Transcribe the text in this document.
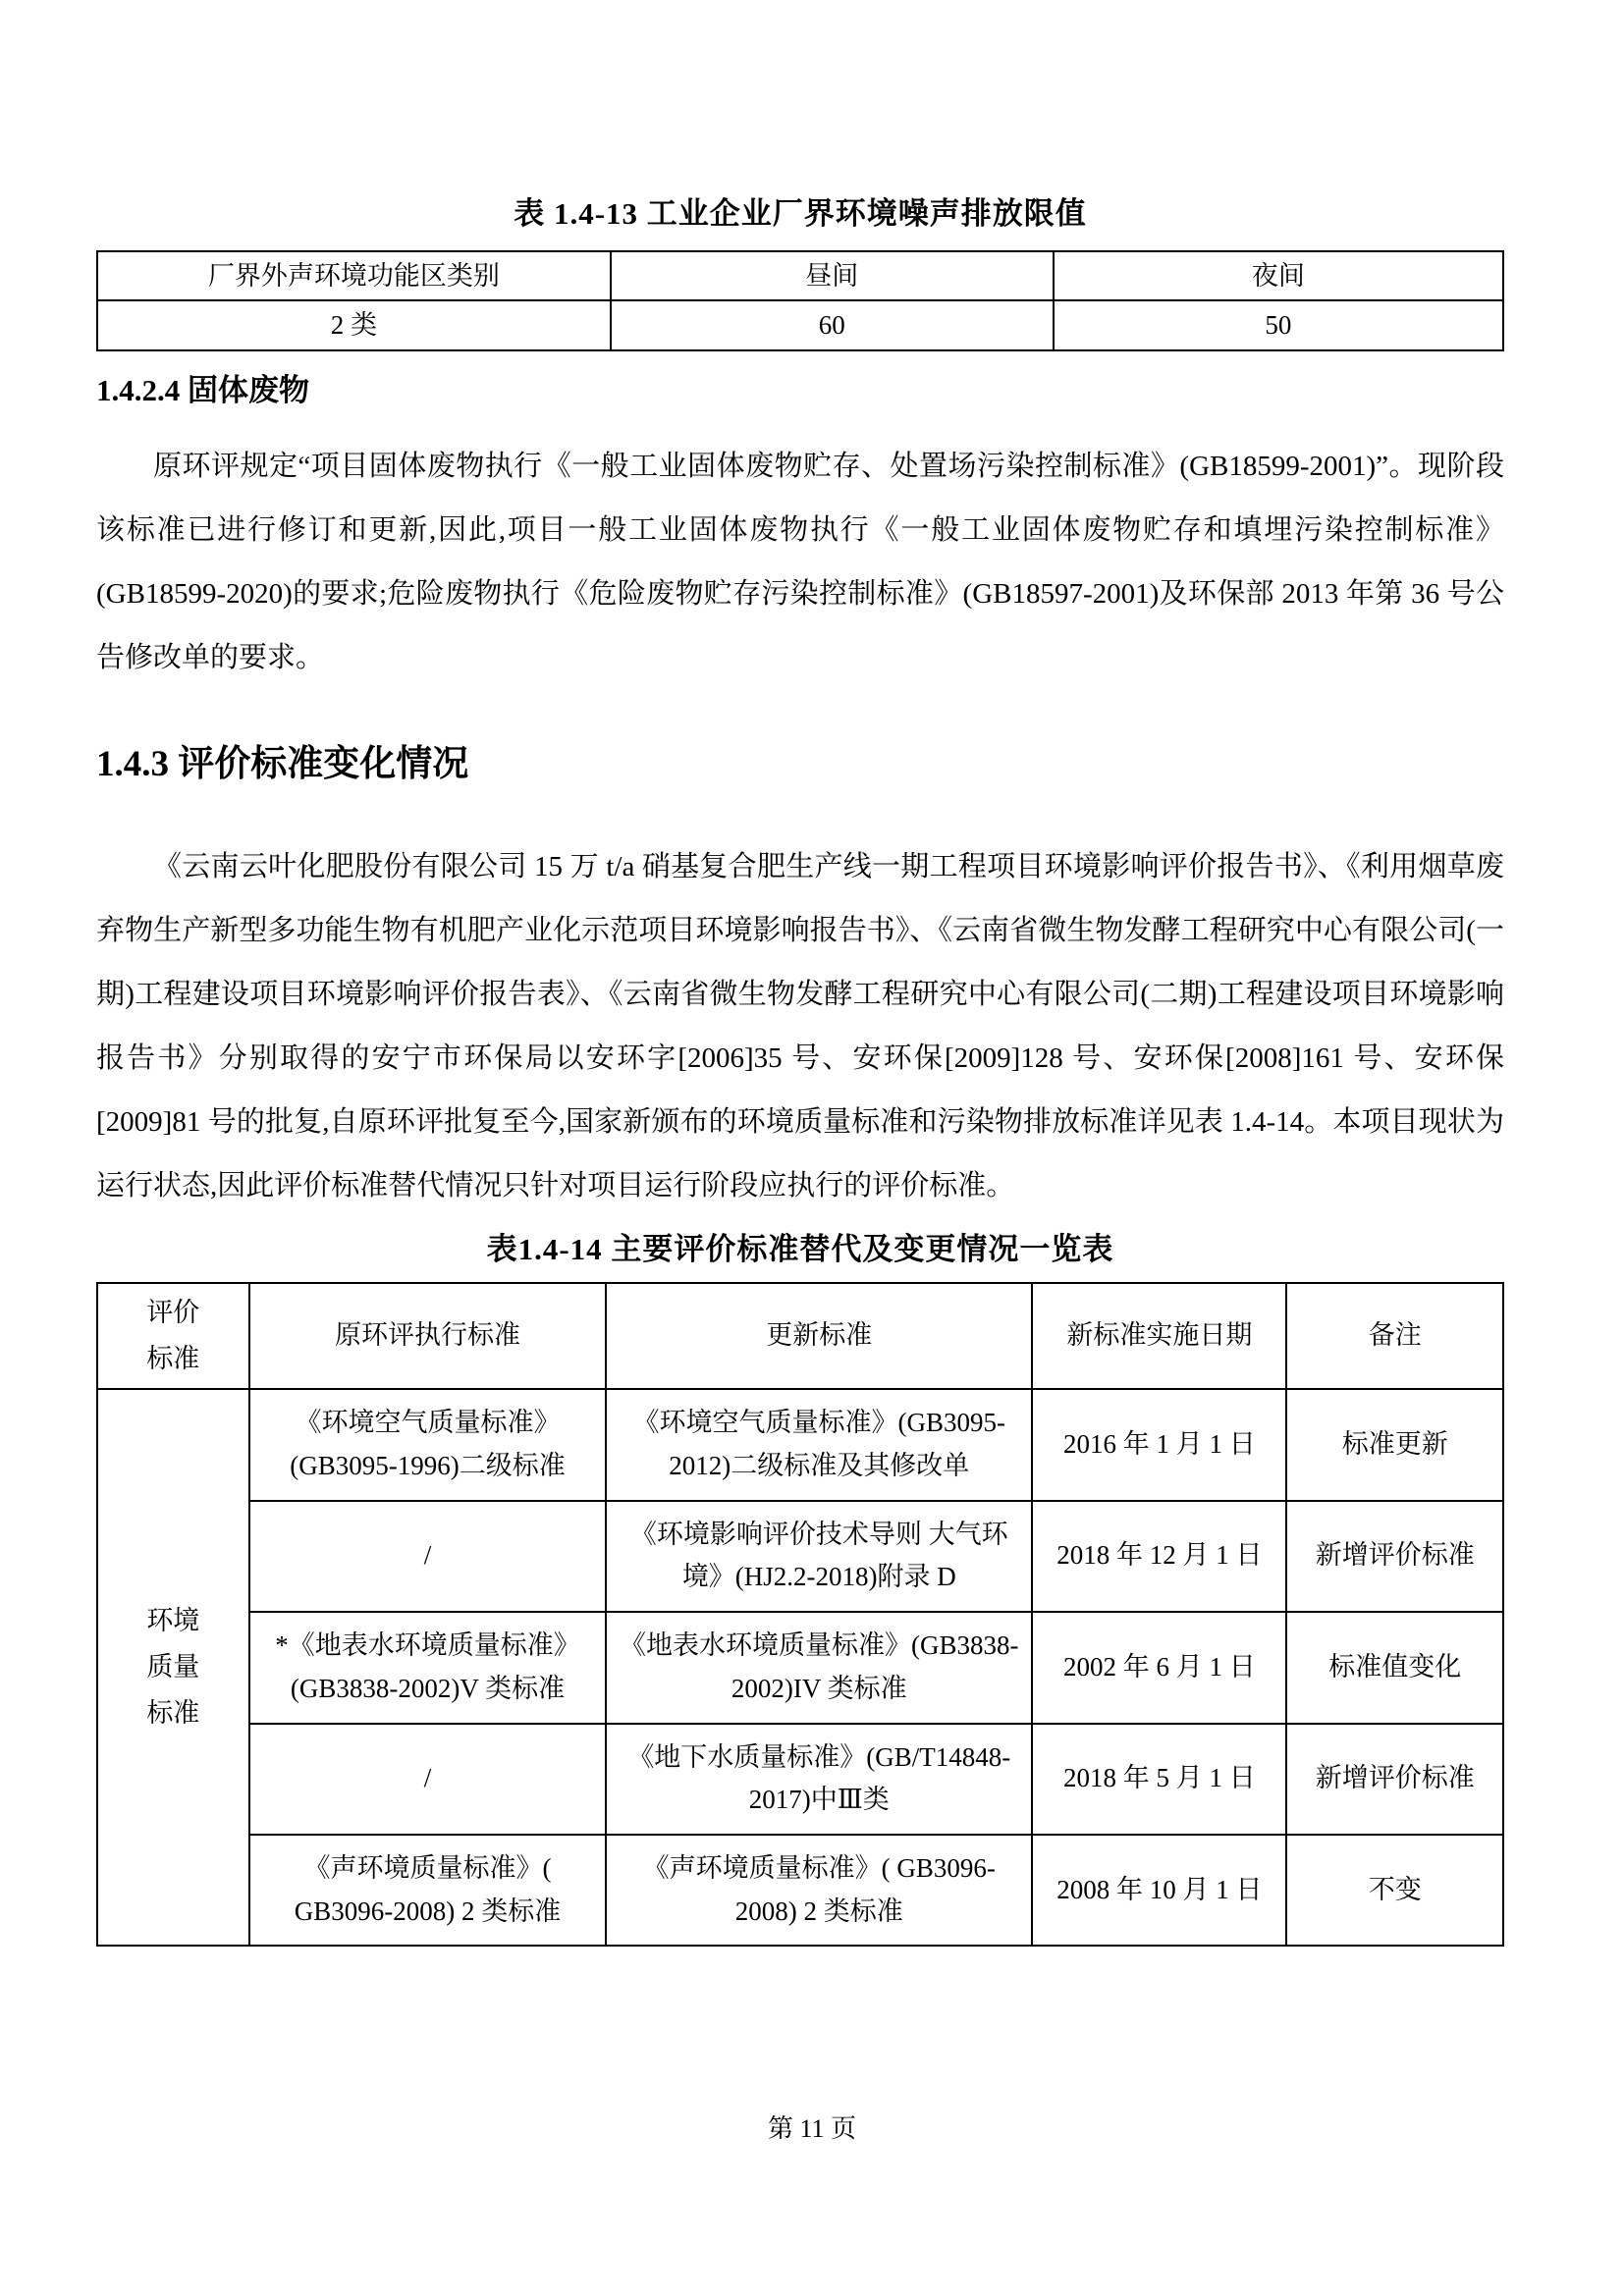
表 1.4-13 工业企业厂界环境噪声排放限值
厂界外声环境功能区类别	昼间	夜间
2 类	60	50
1.4.2.4 固体废物

原环评规定“项目固体废物执行《一般工业固体废物贮存、处置场污染控制标准》(GB18599-2001)”。现阶段该标准已进行修订和更新,因此,项目一般工业固体废物执行《一般工业固体废物贮存和填埋污染控制标准》(GB18599-2020)的要求;危险废物执行《危险废物贮存污染控制标准》(GB18597-2001)及环保部 2013 年第 36 号公告修改单的要求。

1.4.3 评价标准变化情况

《云南云叶化肥股份有限公司 15 万 t/a 硝基复合肥生产线一期工程项目环境影响评价报告书》、《利用烟草废弃物生产新型多功能生物有机肥产业化示范项目环境影响报告书》、《云南省微生物发酵工程研究中心有限公司(一期)工程建设项目环境影响评价报告表》、《云南省微生物发酵工程研究中心有限公司(二期)工程建设项目环境影响报告书》分别取得的安宁市环保局以安环字[2006]35 号、安环保[2009]128 号、安环保[2008]161 号、安环保[2009]81 号的批复,自原环评批复至今,国家新颁布的环境质量标准和污染物排放标准详见表 1.4-14。本项目现状为运行状态,因此评价标准替代情况只针对项目运行阶段应执行的评价标准。

表1.4-14 主要评价标准替代及变更情况一览表
评价标准	原环评执行标准	更新标准	新标准实施日期	备注

环境质量标准	《环境空气质量标准》(GB3095-1996)二级标准	《环境空气质量标准》(GB3095-2012)二级标准及其修改单	2016 年 1 月 1 日	标准更新
	/	《环境影响评价技术导则 大气环境》(HJ2.2-2018)附录 D	2018 年 12 月 1 日	新增评价标准
	*《地表水环境质量标准》(GB3838-2002)V 类标准	《地表水环境质量标准》(GB3838-2002)IV 类标准	2002 年 6 月 1 日	标准值变化
	/	《地下水质量标准》(GB/T14848-2017)中Ⅲ类	2018 年 5 月 1 日	新增评价标准
	《声环境质量标准》( GB3096-2008) 2 类标准	《声环境质量标准》( GB3096-2008) 2 类标准	2008 年 10 月 1 日	不变
第 11 页
